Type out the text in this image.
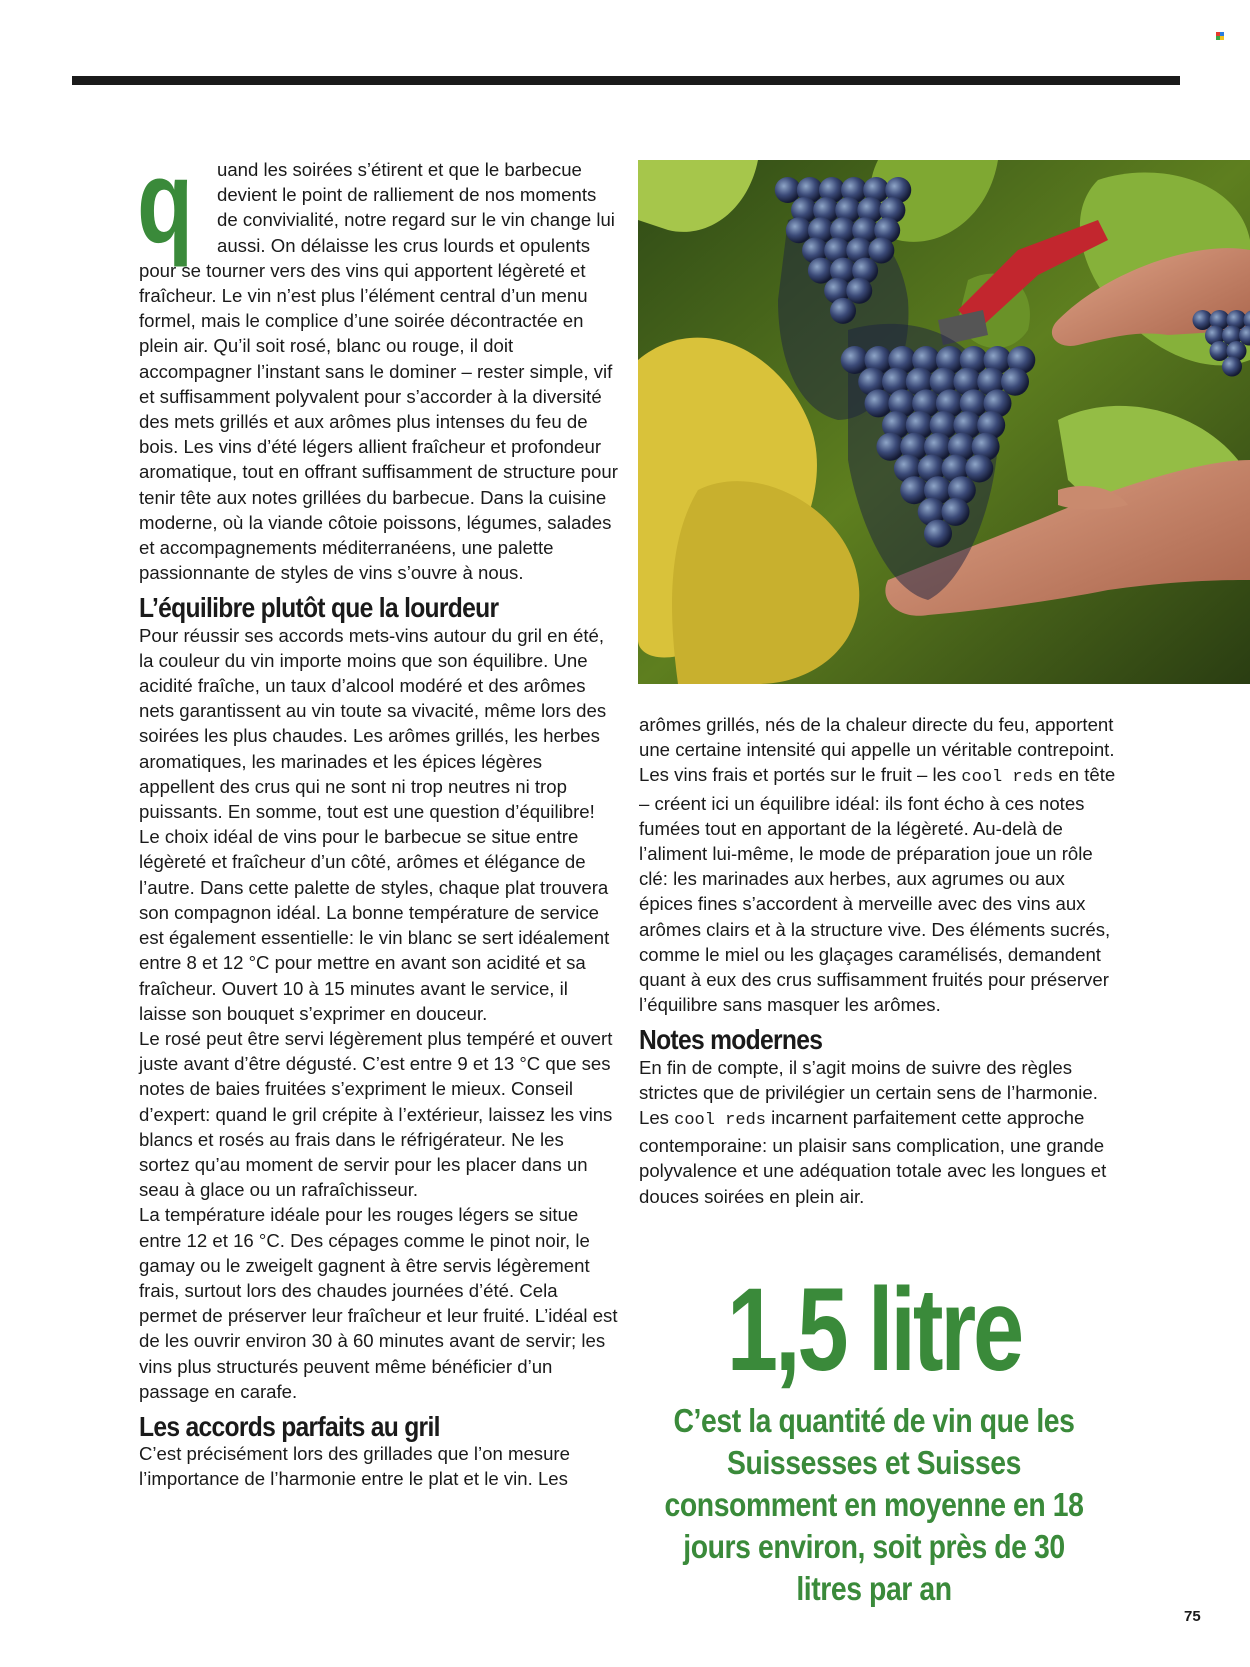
q uand les soirées s’étirent et que le barbecue devient le point de ralliement de nos moments de convivialité, notre regard sur le vin change lui aussi. On délaisse les crus lourds et opulents pour se tourner vers des vins qui apportent légèreté et fraîcheur. Le vin n’est plus l’élément central d’un menu formel, mais le complice d’une soirée décontractée en plein air. Qu’il soit rosé, blanc ou rouge, il doit accompagner l’instant sans le dominer – rester simple, vif et suffisamment polyvalent pour s’accorder à la diversité des mets grillés et aux arômes plus intenses du feu de bois. Les vins d’été légers allient fraîcheur et profondeur aromatique, tout en offrant suffisamment de structure pour tenir tête aux notes grillées du barbecue. Dans la cuisine moderne, où la viande côtoie poissons, légumes, salades et accompagnements méditerranéens, une palette passionnante de styles de vins s’ouvre à nous.

L’équilibre plutôt que la lourdeur

Pour réussir ses accords mets-vins autour du gril en été, la couleur du vin importe moins que son équilibre. Une acidité fraîche, un taux d’alcool modéré et des arômes nets garantissent au vin toute sa vivacité, même lors des soirées les plus chaudes. Les arômes grillés, les herbes aromatiques, les marinades et les épices légères appellent des crus qui ne sont ni trop neutres ni trop puissants. En somme, tout est une question d’équilibre! Le choix idéal de vins pour le barbecue se situe entre légèreté et fraîcheur d’un côté, arômes et élégance de l’autre. Dans cette palette de styles, chaque plat trouvera son compagnon idéal. La bonne température de service est également essentielle: le vin blanc se sert idéalement entre 8 et 12 °C pour mettre en avant son acidité et sa fraîcheur. Ouvert 10 à 15 minutes avant le service, il laisse son bouquet s’exprimer en douceur.

Le rosé peut être servi légèrement plus tempéré et ouvert juste avant d’être dégusté. C’est entre 9 et 13 °C que ses notes de baies fruitées s’expriment le mieux. Conseil d’expert: quand le gril crépite à l’extérieur, laissez les vins blancs et rosés au frais dans le réfrigérateur. Ne les sortez qu’au moment de servir pour les placer dans un seau à glace ou un rafraîchisseur.

La température idéale pour les rouges légers se situe entre 12 et 16 °C. Des cépages comme le pinot noir, le gamay ou le zweigelt gagnent à être servis légèrement frais, surtout lors des chaudes journées d’été. Cela permet de préserver leur fraîcheur et leur fruité. L’idéal est de les ouvrir environ 30 à 60 minutes avant de servir; les vins plus structurés peuvent même bénéficier d’un passage en carafe.

Les accords parfaits au gril

C’est précisément lors des grillades que l’on mesure l’importance de l’harmonie entre le plat et le vin. Les

arômes grillés, nés de la chaleur directe du feu, apportent une certaine intensité qui appelle un véritable contrepoint. Les vins frais et portés sur le fruit – les cool reds en tête – créent ici un équilibre idéal: ils font écho à ces notes fumées tout en apportant de la légèreté. Au-delà de l’aliment lui-même, le mode de préparation joue un rôle clé: les marinades aux herbes, aux agrumes ou aux épices fines s’accordent à merveille avec des vins aux arômes clairs et à la structure vive. Des éléments sucrés, comme le miel ou les glaçages caramélisés, demandent quant à eux des crus suffisamment fruités pour préserver l’équilibre sans masquer les arômes.

Notes modernes

En fin de compte, il s’agit moins de suivre des règles strictes que de privilégier un certain sens de l’harmonie. Les cool reds incarnent parfaitement cette approche contemporaine: un plaisir sans complication, une grande polyvalence et une adéquation totale avec les longues et douces soirées en plein air.

1,5 litre
C’est la quantité de vin que les Suissesses et Suisses consomment en moyenne en 18 jours environ, soit près de 30 litres par an
75
